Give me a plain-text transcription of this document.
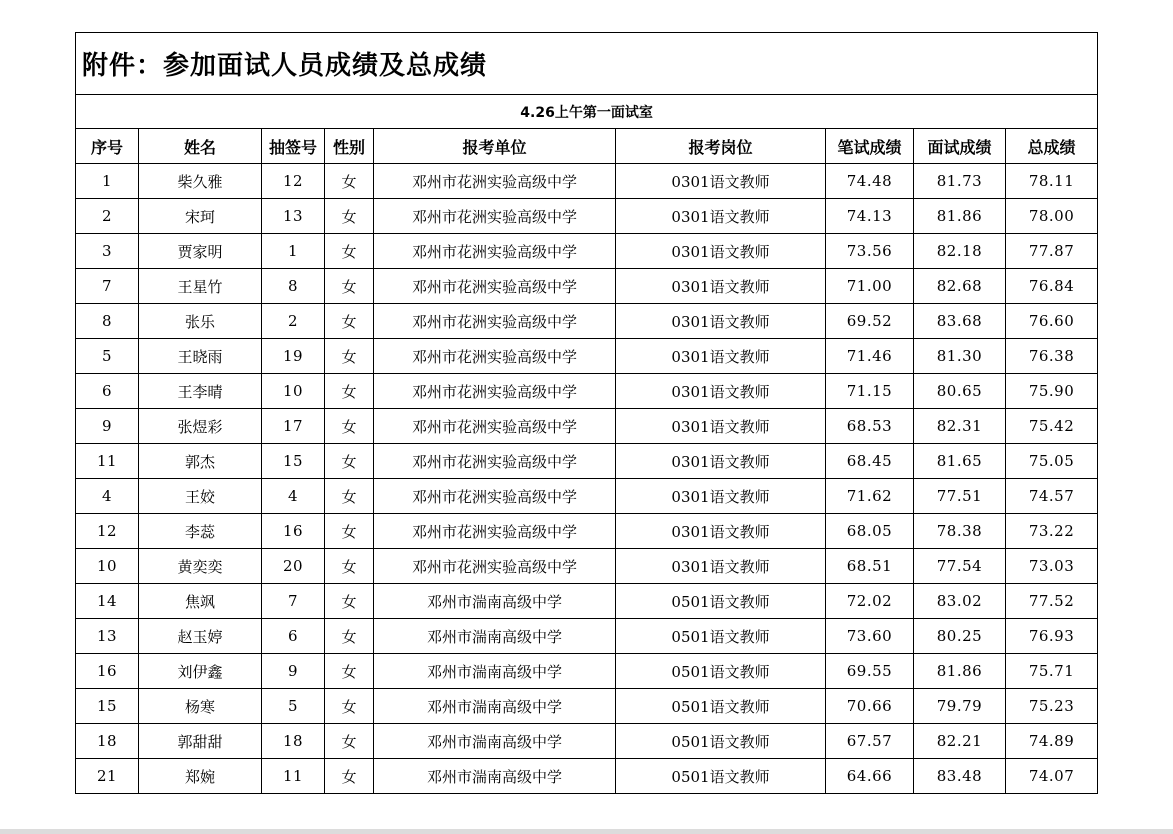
附件：参加面试人员成绩及总成绩								
4.26上午第一面试室								
序号	姓名	抽签号	性别	报考单位	报考岗位	笔试成绩	面试成绩	总成绩
1	柴久雅	12	女	邓州市花洲实验高级中学	0301语文教师	74.48	81.73	78.11
2	宋珂	13	女	邓州市花洲实验高级中学	0301语文教师	74.13	81.86	78.00
3	贾家明	1	女	邓州市花洲实验高级中学	0301语文教师	73.56	82.18	77.87
7	王星竹	8	女	邓州市花洲实验高级中学	0301语文教师	71.00	82.68	76.84
8	张乐	2	女	邓州市花洲实验高级中学	0301语文教师	69.52	83.68	76.60
5	王晓雨	19	女	邓州市花洲实验高级中学	0301语文教师	71.46	81.30	76.38
6	王李晴	10	女	邓州市花洲实验高级中学	0301语文教师	71.15	80.65	75.90
9	张煜彩	17	女	邓州市花洲实验高级中学	0301语文教师	68.53	82.31	75.42
11	郭杰	15	女	邓州市花洲实验高级中学	0301语文教师	68.45	81.65	75.05
4	王姣	4	女	邓州市花洲实验高级中学	0301语文教师	71.62	77.51	74.57
12	李蕊	16	女	邓州市花洲实验高级中学	0301语文教师	68.05	78.38	73.22
10	黄奕奕	20	女	邓州市花洲实验高级中学	0301语文教师	68.51	77.54	73.03
14	焦飒	7	女	邓州市湍南高级中学	0501语文教师	72.02	83.02	77.52
13	赵玉婷	6	女	邓州市湍南高级中学	0501语文教师	73.60	80.25	76.93
16	刘伊鑫	9	女	邓州市湍南高级中学	0501语文教师	69.55	81.86	75.71
15	杨寒	5	女	邓州市湍南高级中学	0501语文教师	70.66	79.79	75.23
18	郭甜甜	18	女	邓州市湍南高级中学	0501语文教师	67.57	82.21	74.89
21	郑婉	11	女	邓州市湍南高级中学	0501语文教师	64.66	83.48	74.07
